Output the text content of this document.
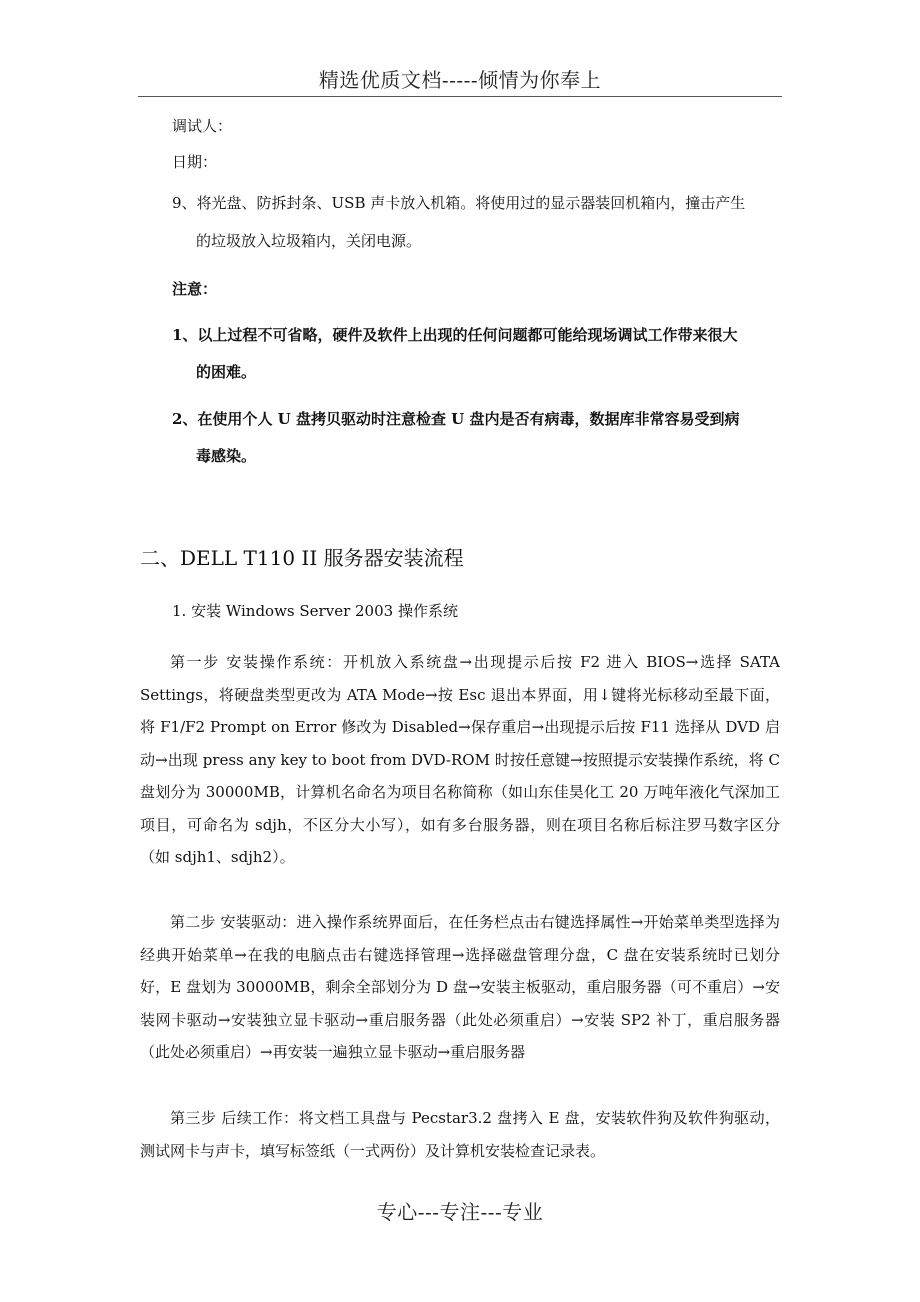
精选优质文档-----倾情为你奉上
调试人：
日期：
9、将光盘、防拆封条、USB 声卡放入机箱。将使用过的显示器装回机箱内，撞击产生
的垃圾放入垃圾箱内，关闭电源。
注意：
1、以上过程不可省略，硬件及软件上出现的任何问题都可能给现场调试工作带来很大
的困难。
2、在使用个人 U 盘拷贝驱动时注意检查 U 盘内是否有病毒，数据库非常容易受到病
毒感染。
二、DELL T110 II 服务器安装流程
1. 安装 Windows Server 2003 操作系统

第一步 安装操作系统：开机放入系统盘→出现提示后按 F2 进入 BIOS→选择 SATA Settings，将硬盘类型更改为 ATA Mode→按 Esc 退出本界面，用↓键将光标移动至最下面，将 F1/F2 Prompt on Error 修改为 Disabled→保存重启→出现提示后按 F11 选择从 DVD 启动→出现 press any key to boot from DVD-ROM 时按任意键→按照提示安装操作系统，将 C 盘划分为 30000MB，计算机名命名为项目名称简称（如山东佳昊化工 20 万吨年液化气深加工项目，可命名为 sdjh，不区分大小写），如有多台服务器，则在项目名称后标注罗马数字区分（如 sdjh1、sdjh2）。

第二步 安装驱动：进入操作系统界面后，在任务栏点击右键选择属性→开始菜单类型选择为经典开始菜单→在我的电脑点击右键选择管理→选择磁盘管理分盘，C 盘在安装系统时已划分好，E 盘划为 30000MB，剩余全部划分为 D 盘→安装主板驱动，重启服务器（可不重启）→安装网卡驱动→安装独立显卡驱动→重启服务器（此处必须重启）→安装 SP2 补丁，重启服务器（此处必须重启）→再安装一遍独立显卡驱动→重启服务器

第三步 后续工作：将文档工具盘与 Pecstar3.2 盘拷入 E 盘，安装软件狗及软件狗驱动，测试网卡与声卡，填写标签纸（一式两份）及计算机安装检查记录表。

专心---专注---专业
